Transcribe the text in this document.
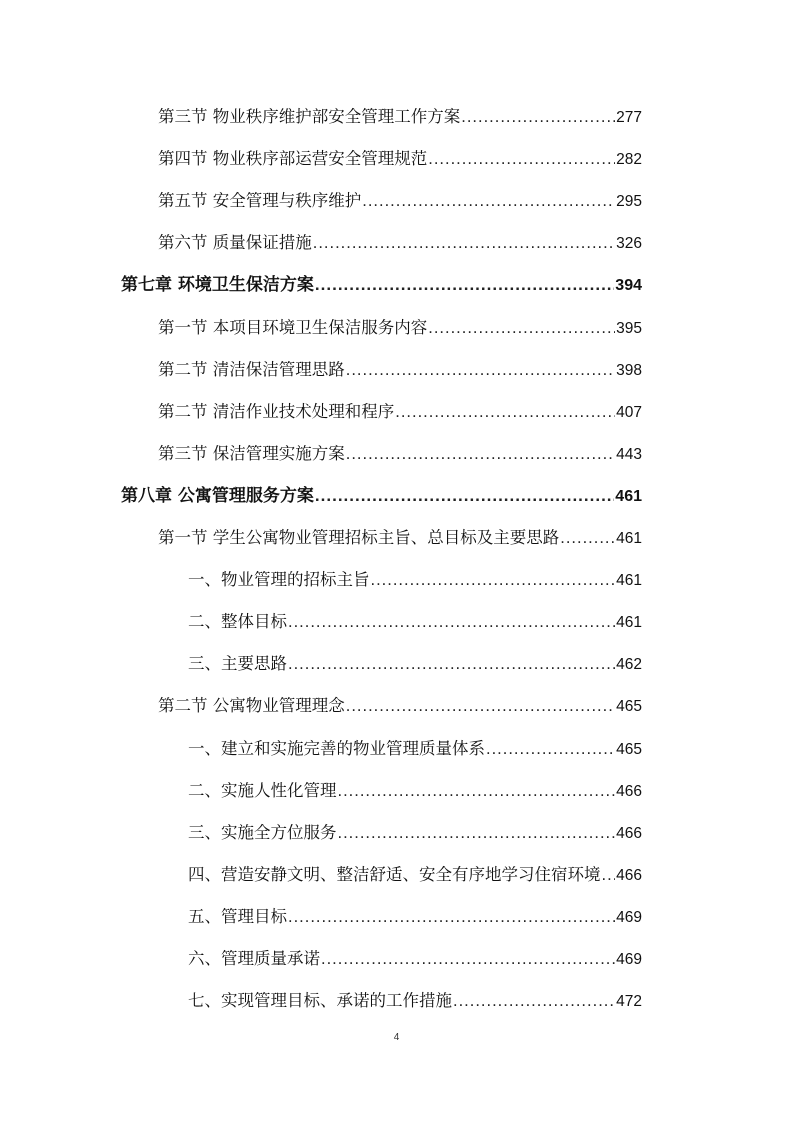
第三节 物业秩序维护部安全管理工作方案 .....	277
第四节 物业秩序部运营安全管理规范 .....	282
第五节 安全管理与秩序维护 .....	295
第六节 质量保证措施 .....	326
第七章 环境卫生保洁方案 .....	394
第一节 本项目环境卫生保洁服务内容 .....	395
第二节 清洁保洁管理思路 .....	398
第二节 清洁作业技术处理和程序 .....	407
第三节 保洁管理实施方案 .....	443
第八章 公寓管理服务方案 .....	461
第一节 学生公寓物业管理招标主旨、总目标及主要思路 .....	461
一、物业管理的招标主旨 .....	461
二、整体目标 .....	461
三、主要思路 .....	462
第二节 公寓物业管理理念 .....	465
一、建立和实施完善的物业管理质量体系 .....	465
二、实施人性化管理 .....	466
三、实施全方位服务 .....	466
四、营造安静文明、整洁舒适、安全有序地学习住宿环境 ..... 466
五、管理目标 .....	469
六、管理质量承诺 .....	469
七、实现管理目标、承诺的工作措施 .....	472
4
